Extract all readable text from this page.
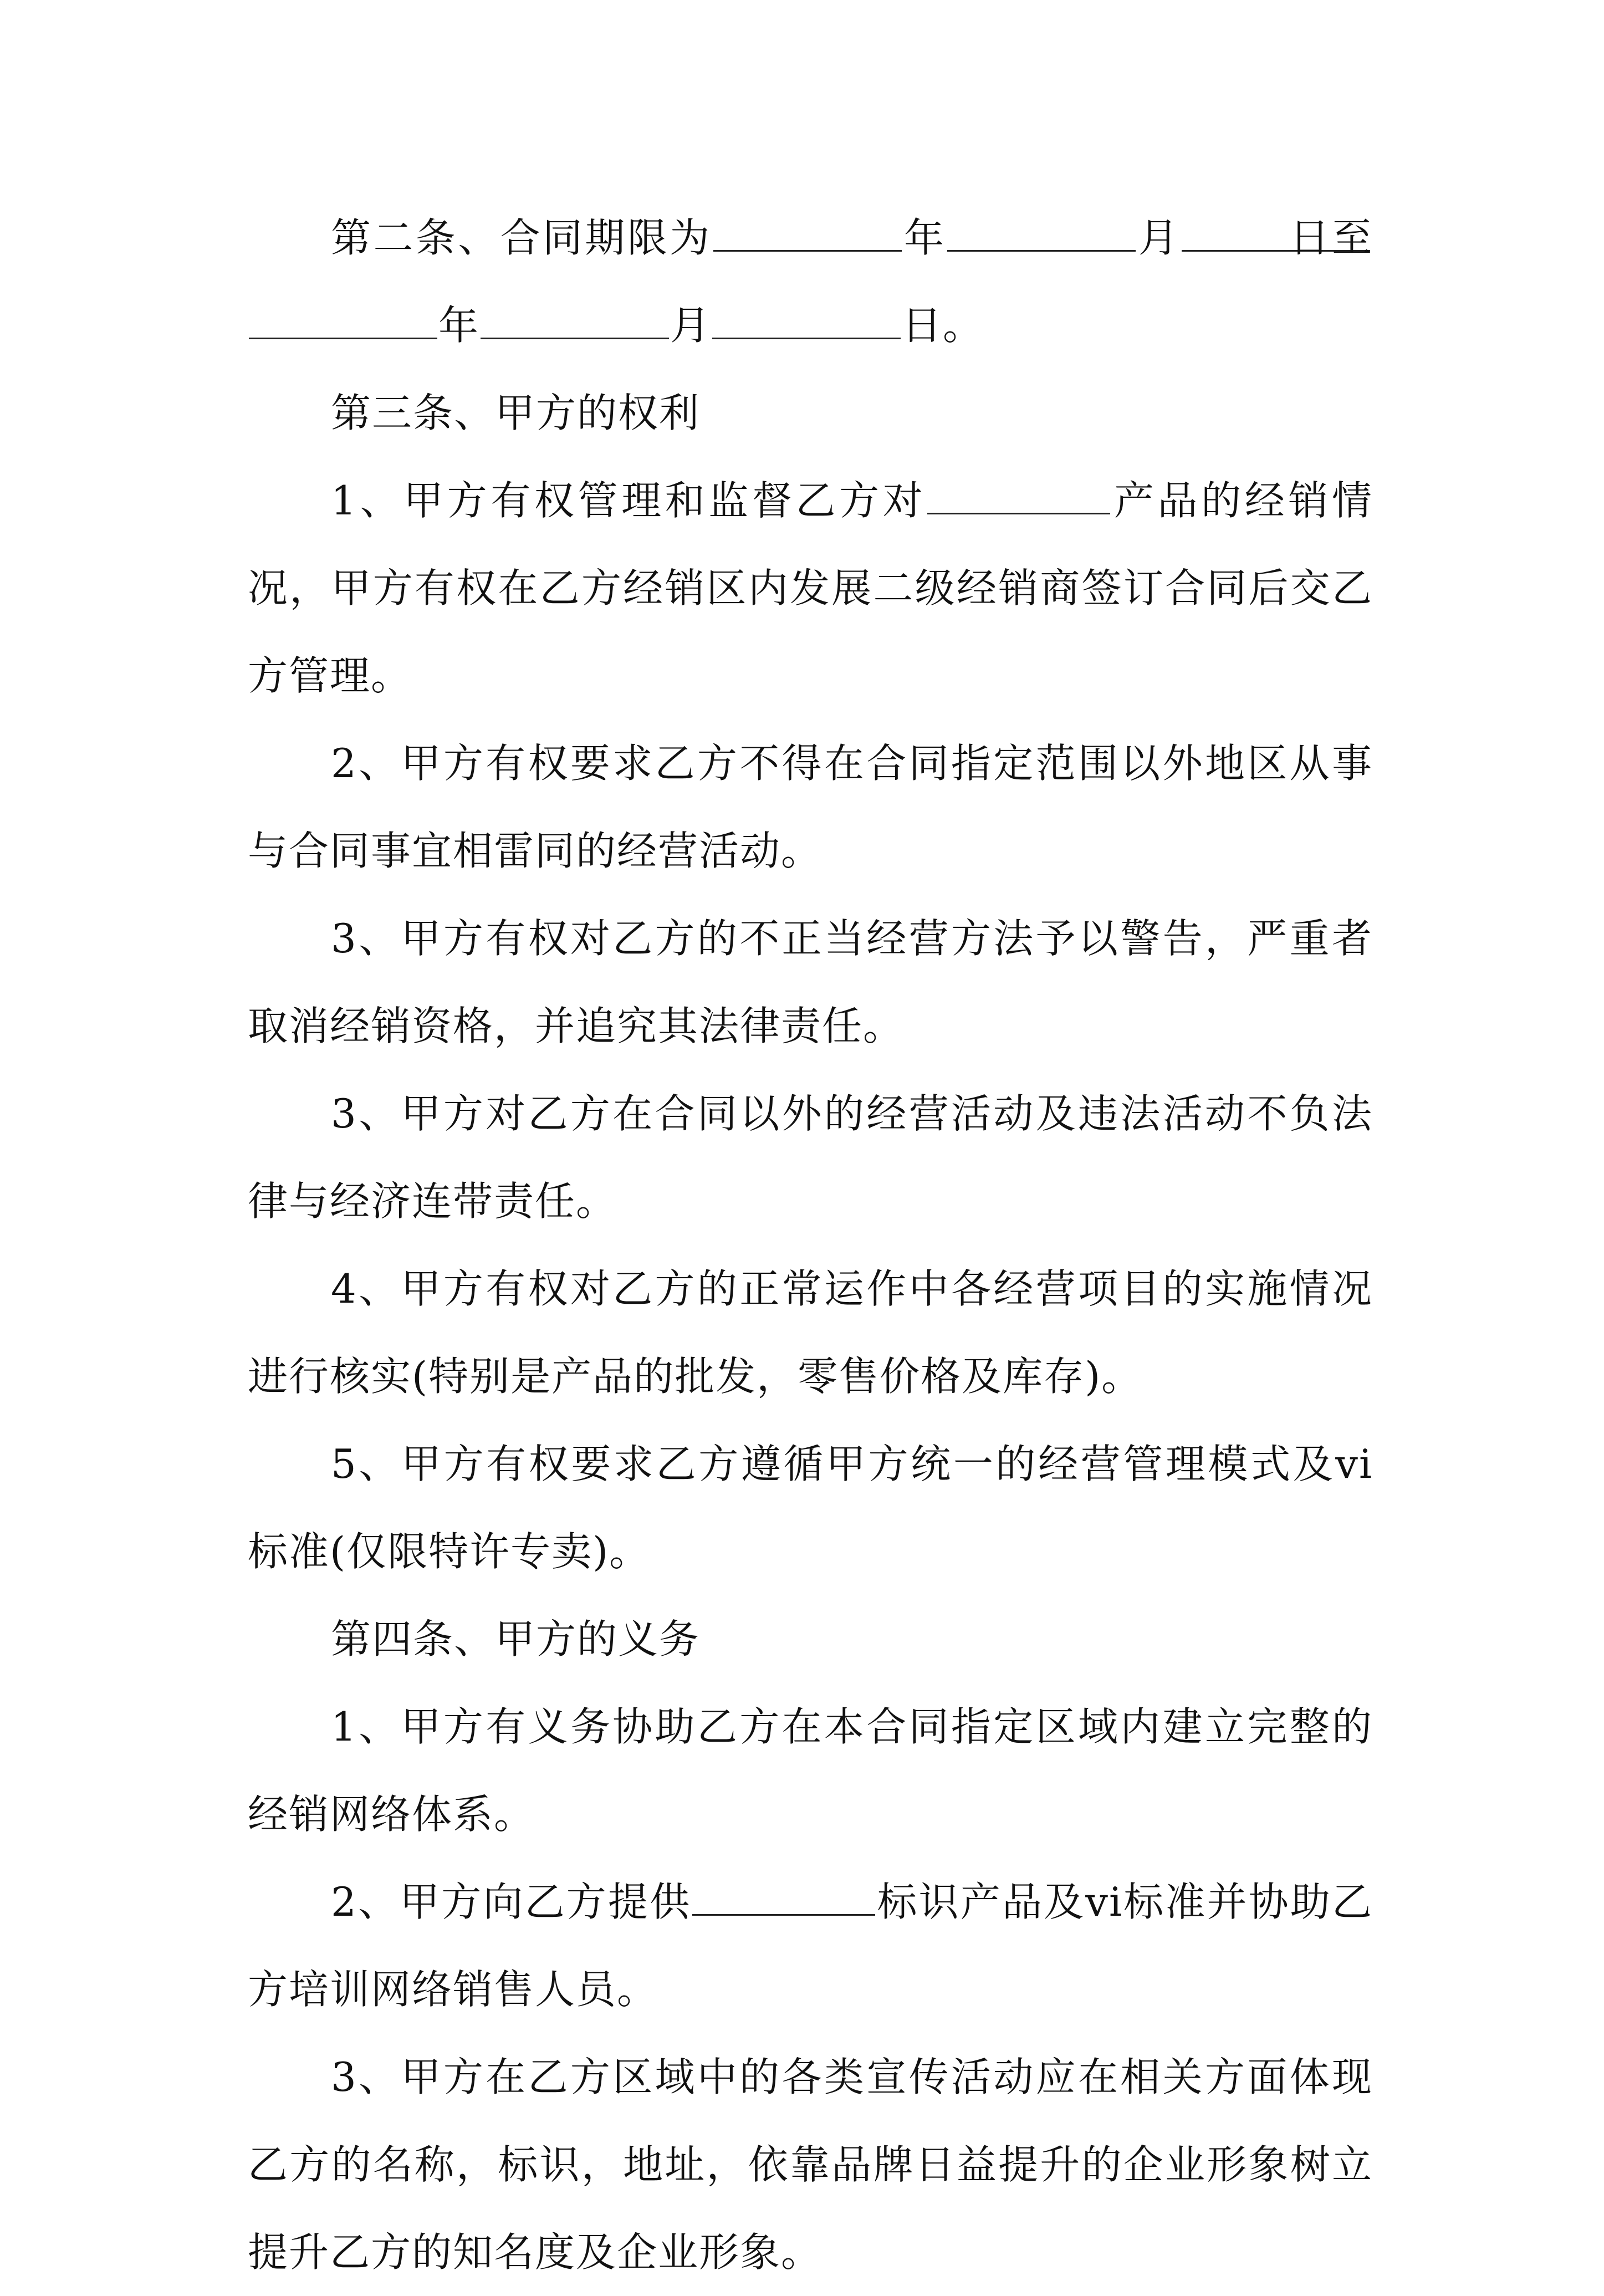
第二条、合同期限为	年	月	日至年	月	日。

第三条、甲方的权利

1、甲方有权管理和监督乙方对	产品的经销情况，甲方有权在乙方经销区内发展二级经销商签订合同后交乙方管理。

2、甲方有权要求乙方不得在合同指定范围以外地区从事与合同事宜相雷同的经营活动。

3、甲方有权对乙方的不正当经营方法予以警告，严重者取消经销资格，并追究其法律责任。

3、甲方对乙方在合同以外的经营活动及违法活动不负法律与经济连带责任。

4、甲方有权对乙方的正常运作中各经营项目的实施情况进行核实(特别是产品的批发，零售价格及库存)。

5、甲方有权要求乙方遵循甲方统一的经营管理模式及vi标准(仅限特许专卖)。

第四条、甲方的义务

1、甲方有义务协助乙方在本合同指定区域内建立完整的经销网络体系。

2、甲方向乙方提供	标识产品及vi标准并协助乙方培训网络销售人员。

3、甲方在乙方区域中的各类宣传活动应在相关方面体现乙方的名称，标识，地址，依靠品牌日益提升的企业形象树立提升乙方的知名度及企业形象。
